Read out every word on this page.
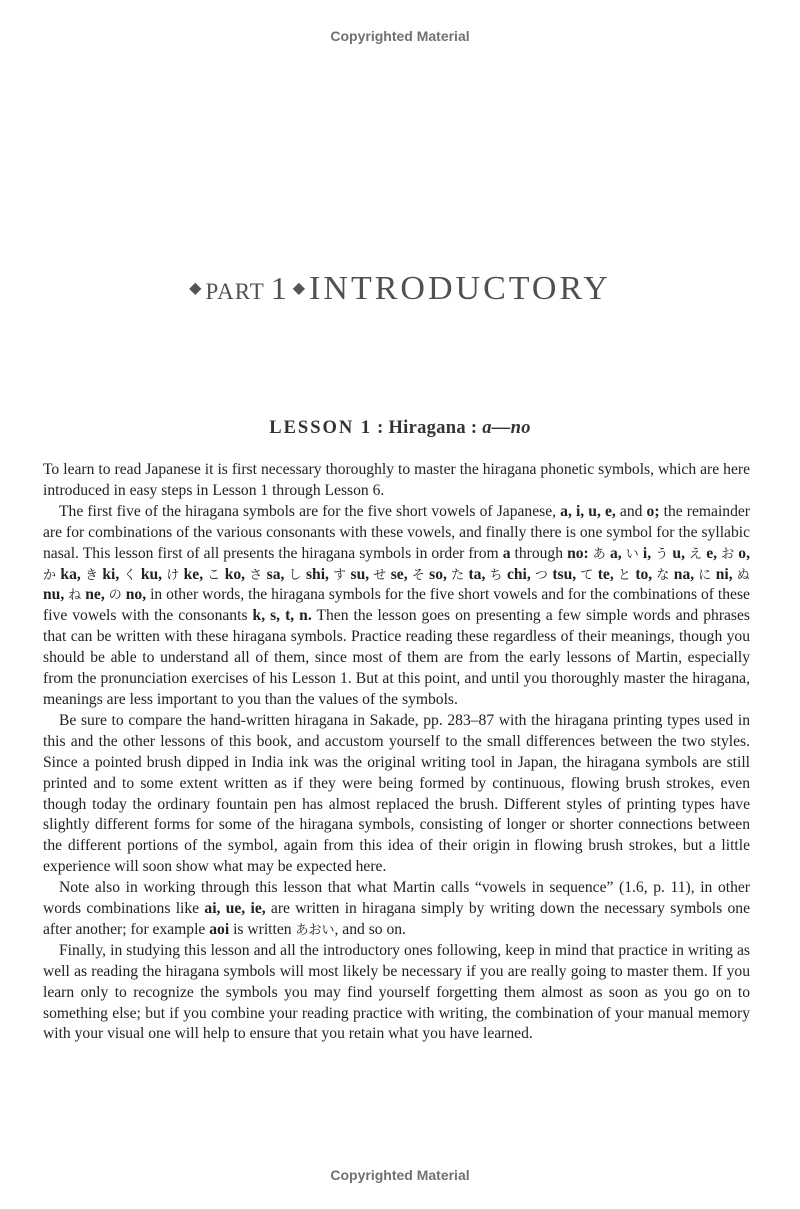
Copyrighted Material
◆ PART 1 ◆ INTRODUCTORY
LESSON 1 : Hiragana : a—no

To learn to read Japanese it is first necessary thoroughly to master the hiragana phonetic symbols, which are here introduced in easy steps in Lesson 1 through Lesson 6.

The first five of the hiragana symbols are for the five short vowels of Japanese, a, i, u, e, and o; the remainder are for combinations of the various consonants with these vowels, and finally there is one symbol for the syllabic nasal. This lesson first of all presents the hiragana symbols in order from a through no: あ a, い i, う u, え e, お o, か ka, き ki, く ku, け ke, こ ko, さ sa, し shi, す su, せ se, そ so, た ta, ち chi, つ tsu, て te, と to, な na, に ni, ぬ nu, ね ne, の no, in other words, the hiragana symbols for the five short vowels and for the combinations of these five vowels with the consonants k, s, t, n. Then the lesson goes on presenting a few simple words and phrases that can be written with these hiragana symbols. Practice reading these regardless of their meanings, though you should be able to understand all of them, since most of them are from the early lessons of Martin, especially from the pronunciation exercises of his Lesson 1. But at this point, and until you thoroughly master the hiragana, meanings are less important to you than the values of the symbols.

Be sure to compare the hand-written hiragana in Sakade, pp. 283–87 with the hiragana printing types used in this and the other lessons of this book, and accustom yourself to the small differences between the two styles. Since a pointed brush dipped in India ink was the original writing tool in Japan, the hiragana symbols are still printed and to some extent written as if they were being formed by continuous, flowing brush strokes, even though today the ordinary fountain pen has almost replaced the brush. Different styles of printing types have slightly different forms for some of the hiragana symbols, consisting of longer or shorter connections between the different portions of the symbol, again from this idea of their origin in flowing brush strokes, but a little experience will soon show what may be expected here.

Note also in working through this lesson that what Martin calls “vowels in sequence” (1.6, p. 11), in other words combinations like ai, ue, ie, are written in hiragana simply by writing down the necessary symbols one after another; for example aoi is written あおい, and so on.

Finally, in studying this lesson and all the introductory ones following, keep in mind that practice in writing as well as reading the hiragana symbols will most likely be necessary if you are really going to master them. If you learn only to recognize the symbols you may find yourself forgetting them almost as soon as you go on to something else; but if you combine your reading practice with writing, the combination of your manual memory with your visual one will help to ensure that you retain what you have learned.

Copyrighted Material
